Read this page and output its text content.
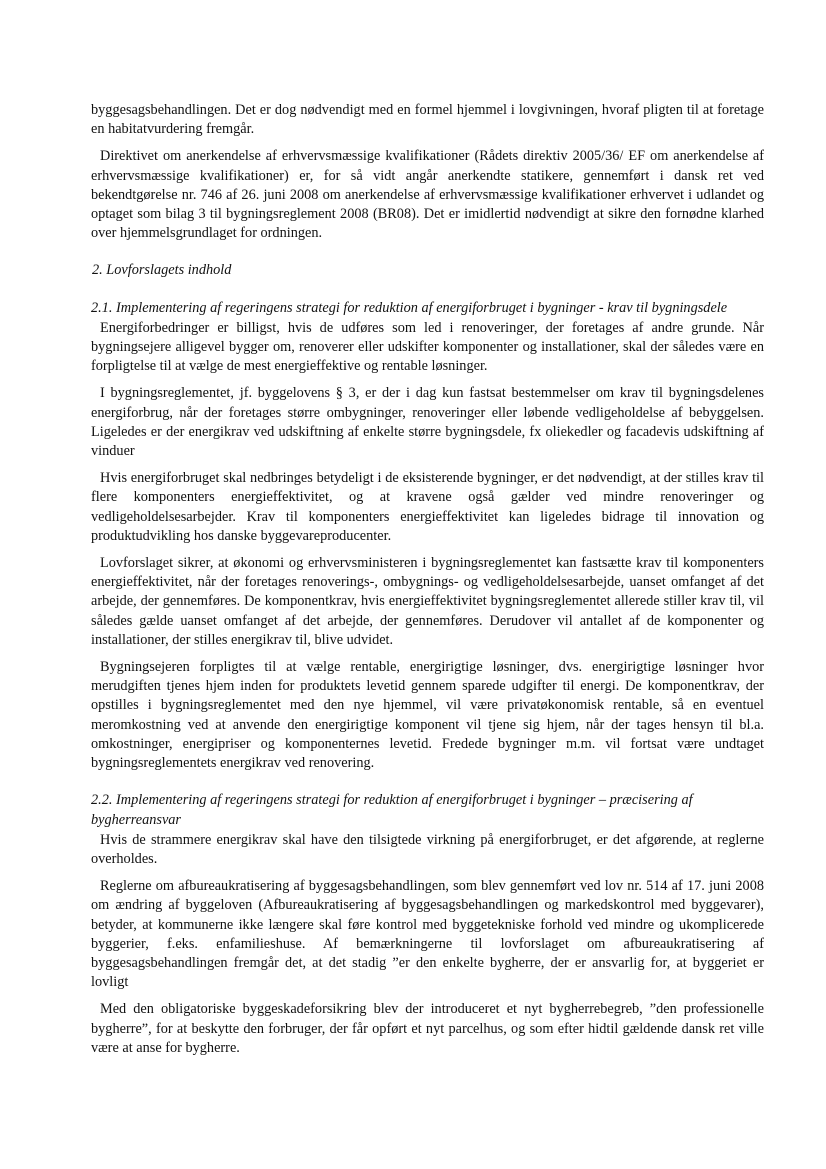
byggesagsbehandlingen. Det er dog nødvendigt med en formel hjemmel i lovgivningen, hvoraf pligten til at foretage en habitatvurdering fremgår.

Direktivet om anerkendelse af erhvervsmæssige kvalifikationer (Rådets direktiv 2005/36/ EF om anerkendelse af erhvervsmæssige kvalifikationer) er, for så vidt angår anerkendte statikere, gennemført i dansk ret ved bekendtgørelse nr. 746 af 26. juni 2008 om anerkendelse af erhvervsmæssige kvalifikationer erhvervet i udlandet og optaget som bilag 3 til bygningsreglement 2008 (BR08). Det er imidlertid nødvendigt at sikre den fornødne klarhed over hjemmelsgrundlaget for ordningen.

2. Lovforslagets indhold

2.1. Implementering af regeringens strategi for reduktion af energiforbruget i bygninger - krav til bygningsdele

Energiforbedringer er billigst, hvis de udføres som led i renoveringer, der foretages af andre grunde. Når bygningsejere alligevel bygger om, renoverer eller udskifter komponenter og installationer, skal der således være en forpligtelse til at vælge de mest energieffektive og rentable løsninger.

I bygningsreglementet, jf. byggelovens § 3, er der i dag kun fastsat bestemmelser om krav til bygningsdelenes energiforbrug, når der foretages større ombygninger, renoveringer eller løbende vedligeholdelse af bebyggelsen. Ligeledes er der energikrav ved udskiftning af enkelte større bygningsdele, fx oliekedler og facadevis udskiftning af vinduer

Hvis energiforbruget skal nedbringes betydeligt i de eksisterende bygninger, er det nødvendigt, at der stilles krav til flere komponenters energieffektivitet, og at kravene også gælder ved mindre renoveringer og vedligeholdelsesarbejder. Krav til komponenters energieffektivitet kan ligeledes bidrage til innovation og produktudvikling hos danske byggevareproducenter.

Lovforslaget sikrer, at økonomi og erhvervsministeren i bygningsreglementet kan fastsætte krav til komponenters energieffektivitet, når der foretages renoverings-, ombygnings- og vedligeholdelsesarbejde, uanset omfanget af det arbejde, der gennemføres. De komponentkrav, hvis energieffektivitet bygningsreglementet allerede stiller krav til, vil således gælde uanset omfanget af det arbejde, der gennemføres. Derudover vil antallet af de komponenter og installationer, der stilles energikrav til, blive udvidet.

Bygningsejeren forpligtes til at vælge rentable, energirigtige løsninger, dvs. energirigtige løsninger hvor merudgiften tjenes hjem inden for produktets levetid gennem sparede udgifter til energi. De komponentkrav, der opstilles i bygningsreglementet med den nye hjemmel, vil være privatøkonomisk rentable, så en eventuel meromkostning ved at anvende den energirigtige komponent vil tjene sig hjem, når der tages hensyn til bl.a. omkostninger, energipriser og komponenternes levetid. Fredede bygninger m.m. vil fortsat være undtaget bygningsreglementets energikrav ved renovering.

2.2. Implementering af regeringens strategi for reduktion af energiforbruget i bygninger – præcisering af bygherreansvar

Hvis de strammere energikrav skal have den tilsigtede virkning på energiforbruget, er det afgørende, at reglerne overholdes.

Reglerne om afbureaukratisering af byggesagsbehandlingen, som blev gennemført ved lov nr. 514 af 17. juni 2008 om ændring af byggeloven (Afbureaukratisering af byggesagsbehandlingen og markedskontrol med byggevarer), betyder, at kommunerne ikke længere skal føre kontrol med byggetekniske forhold ved mindre og ukomplicerede byggerier, f.eks. enfamilieshuse. Af bemærkningerne til lovforslaget om afbureaukratisering af byggesagsbehandlingen fremgår det, at det stadig ”er den enkelte bygherre, der er ansvarlig for, at byggeriet er lovligt

Med den obligatoriske byggeskadeforsikring blev der introduceret et nyt bygherrebegreb, ”den professionelle bygherre”, for at beskytte den forbruger, der får opført et nyt parcelhus, og som efter hidtil gældende dansk ret ville være at anse for bygherre.
